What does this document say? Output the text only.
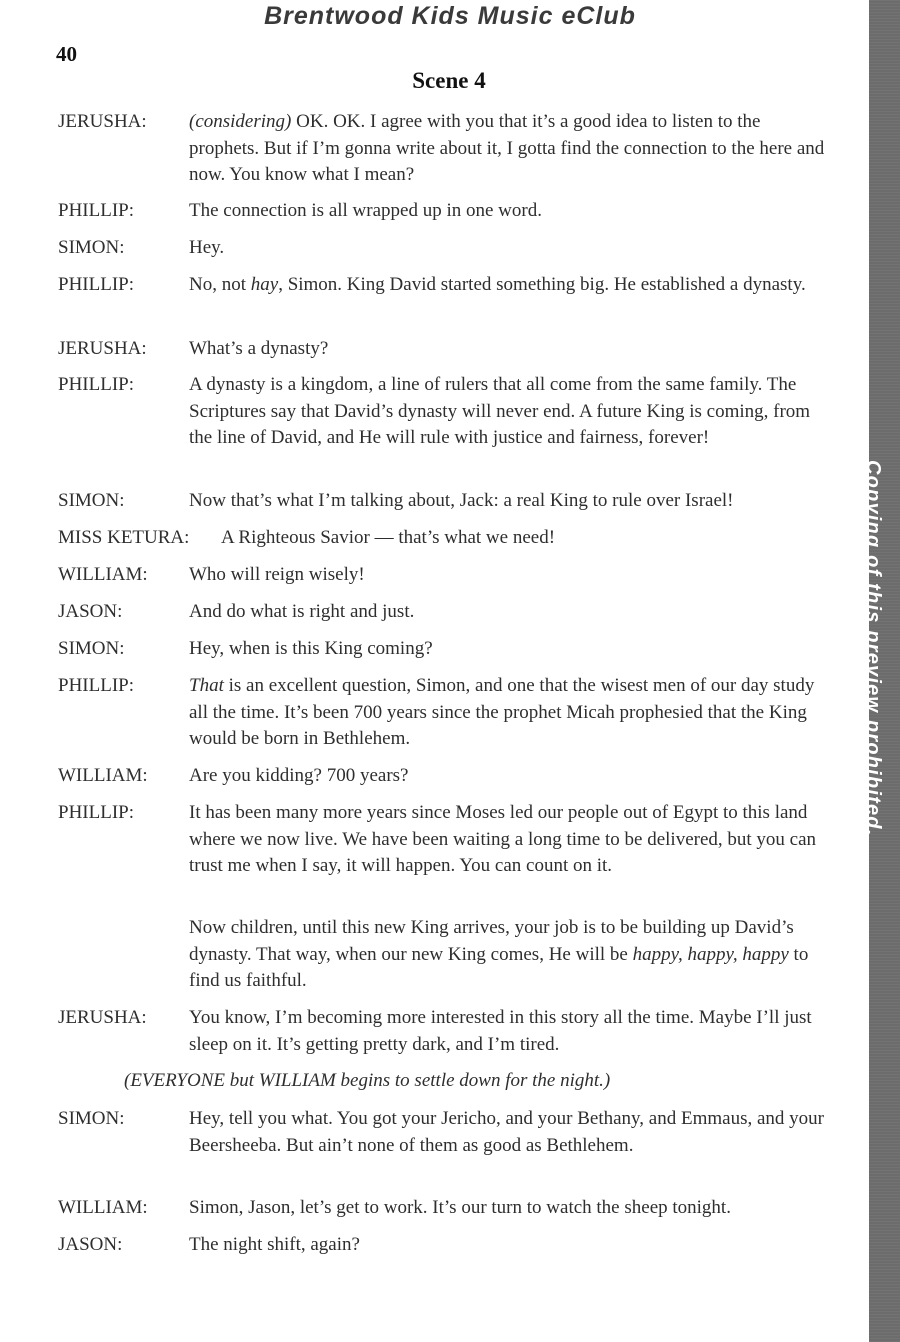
Brentwood Kids Music eClub
40
Scene 4
Copying of this preview prohibited.
JERUSHA: (considering) OK. OK. I agree with you that it’s a good idea to listen to the prophets. But if I’m gonna write about it, I gotta find the connection to the here and now. You know what I mean?
PHILLIP:	The connection is all wrapped up in one word.
SIMON:	Hey.
PHILLIP:	No, not hay, Simon. King David started something big. He established a dynasty.
JERUSHA: What’s a dynasty?
PHILLIP:	A dynasty is a kingdom, a line of rulers that all come from the same family. The Scriptures say that David’s dynasty will never end. A future King is coming, from the line of David, and He will rule with justice and fairness, forever!
SIMON:	Now that’s what I’m talking about, Jack: a real King to rule over Israel!
MISS KETURA: A Righteous Savior — that’s what we need!
WILLIAM: Who will reign wisely!
JASON:	And do what is right and just.
SIMON:	Hey, when is this King coming?
PHILLIP:	That is an excellent question, Simon, and one that the wisest men of our day study all the time. It’s been 700 years since the prophet Micah prophesied that the King would be born in Bethlehem.
WILLIAM: Are you kidding? 700 years?
PHILLIP:	It has been many more years since Moses led our people out of Egypt to this land where we now live. We have been waiting a long time to be delivered, but you can trust me when I say, it will happen. You can count on it.
Now children, until this new King arrives, your job is to be building up David’s dynasty. That way, when our new King comes, He will be happy, happy, happy to find us faithful.
JERUSHA: You know, I’m becoming more interested in this story all the time. Maybe I’ll just sleep on it. It’s getting pretty dark, and I’m tired.
(EVERYONE but WILLIAM begins to settle down for the night.)
SIMON:	Hey, tell you what. You got your Jericho, and your Bethany, and Emmaus, and your Beersheeba. But ain’t none of them as good as Bethlehem.
WILLIAM: Simon, Jason, let’s get to work. It’s our turn to watch the sheep tonight.
JASON:	The night shift, again?
